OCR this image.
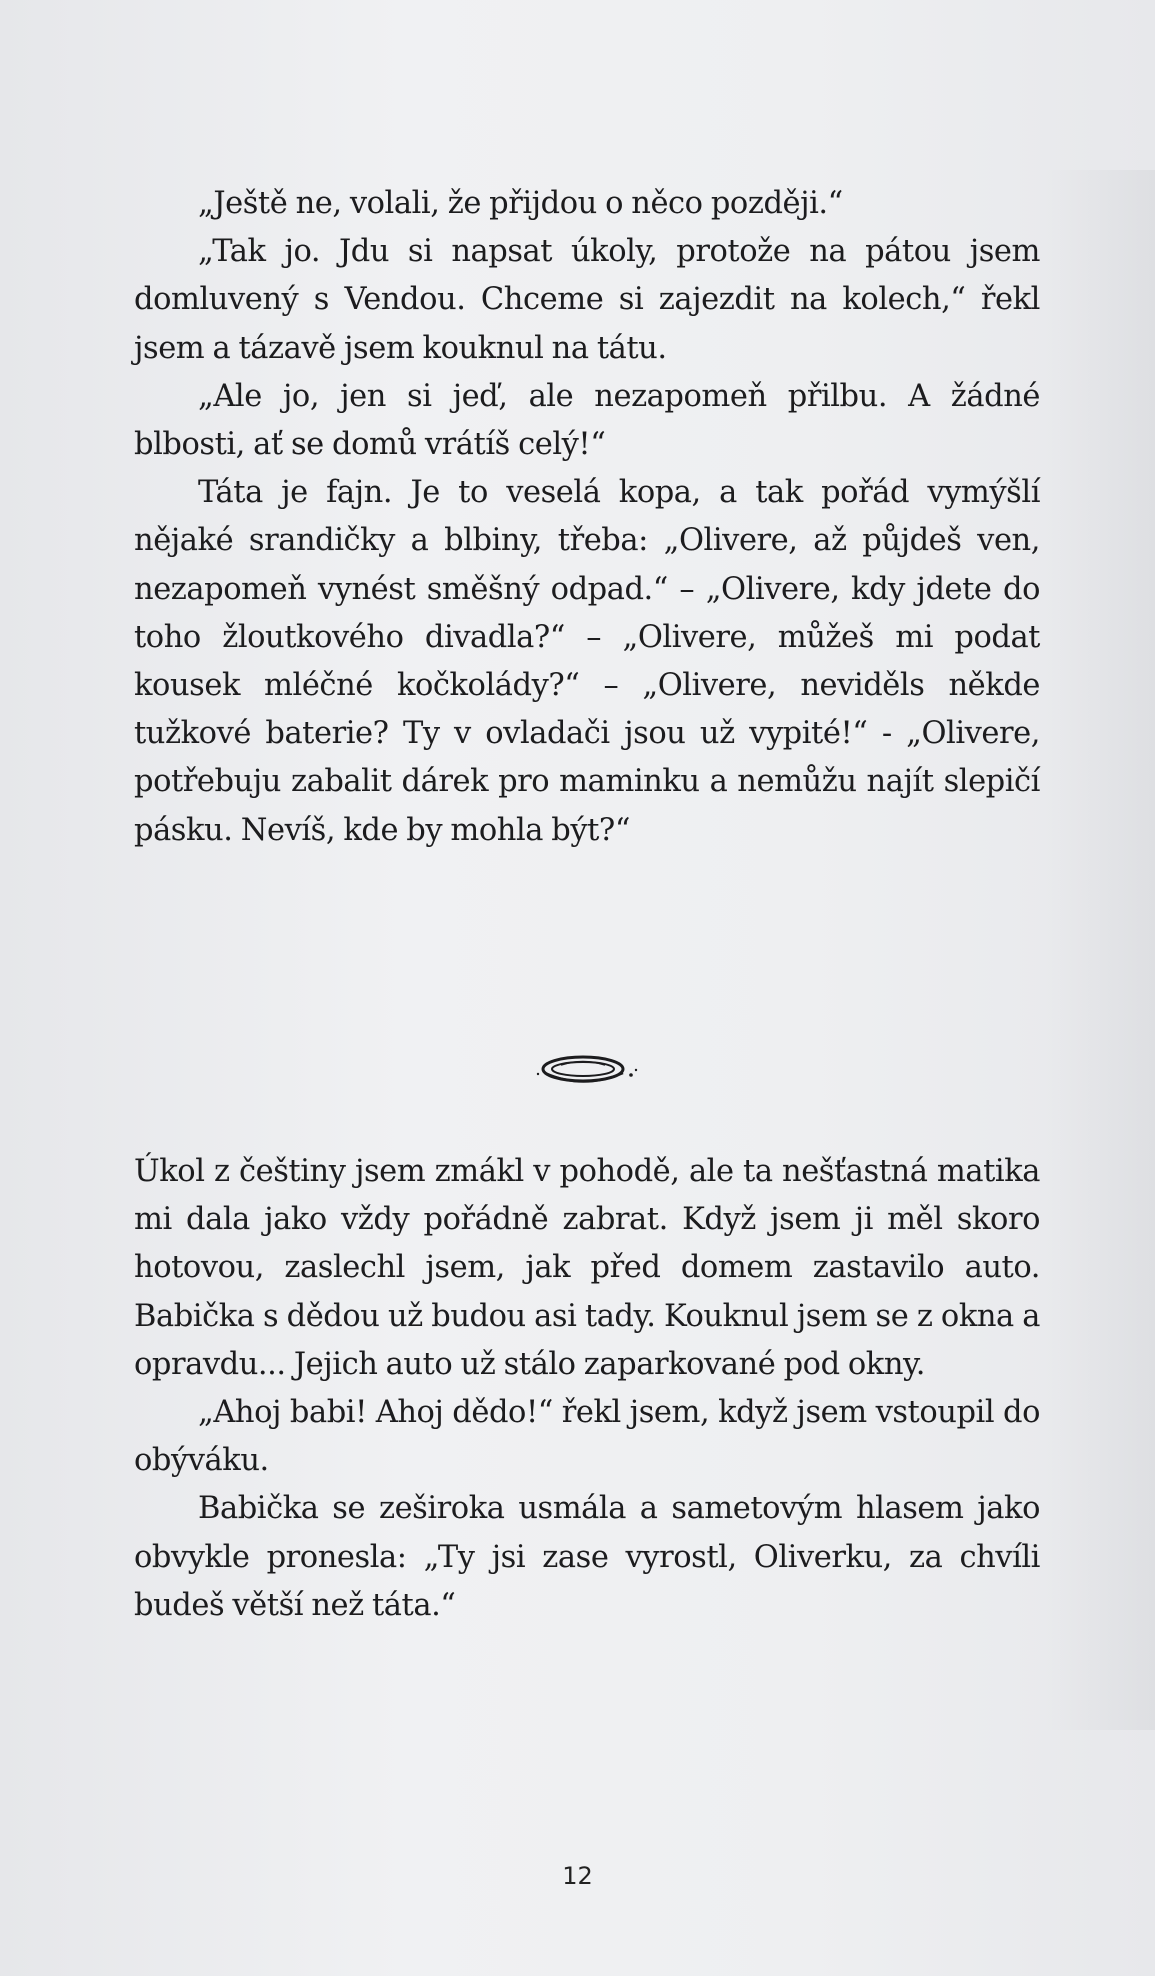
„Ještě ne, volali, že přijdou o něco později.“

„Tak jo. Jdu si napsat úkoly, protože na pátou jsem domluvený s Vendou. Chceme si zajezdit na kolech,“ řekl jsem a tázavě jsem kouknul na tátu.

„Ale jo, jen si jeď, ale nezapomeň přilbu. A žádné blbosti, ať se domů vrátíš celý!“

Táta je fajn. Je to veselá kopa, a tak pořád vymýšlí nějaké srandičky a blbiny, třeba: „Olivere, až půjdeš ven, nezapomeň vynést směšný odpad.“ – „Olivere, kdy jdete do toho žloutkového divadla?“ – „Olivere, můžeš mi podat kousek mléčné kočkolády?“ – „Olivere, neviděls někde tužkové baterie? Ty v ovladači jsou už vypité!“ - „Olivere, potřebuju zabalit dárek pro maminku a nemůžu najít slepičí pásku. Nevíš, kde by mohla být?“

Úkol z češtiny jsem zmákl v pohodě, ale ta nešťastná matika mi dala jako vždy pořádně zabrat. Když jsem ji měl skoro hotovou, zaslechl jsem, jak před domem zastavilo auto. Babička s dědou už budou asi tady. Kouknul jsem se z okna a opravdu... Jejich auto už stálo zaparkované pod okny.

„Ahoj babi! Ahoj dědo!“ řekl jsem, když jsem vstoupil do obýváku.

Babička se zeširoka usmála a sametovým hlasem jako obvykle pronesla: „Ty jsi zase vyrostl, Oliverku, za chvíli budeš větší než táta.“

12
